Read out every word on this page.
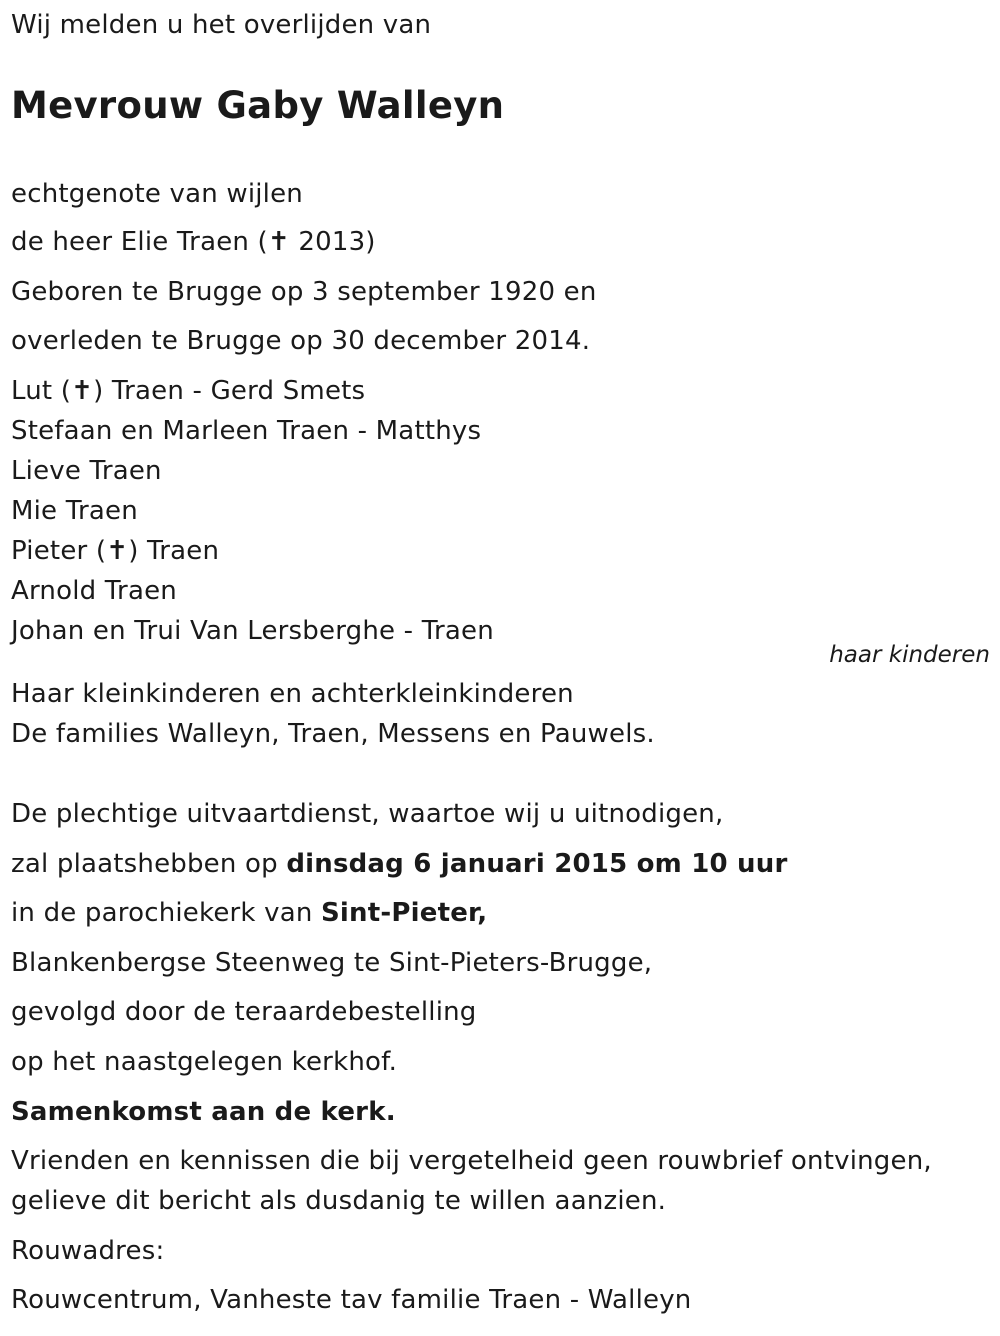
Wij melden u het overlijden van
Mevrouw Gaby Walleyn
echtgenote van wijlen
de heer Elie Traen (✝ 2013)
Geboren te Brugge op 3 september 1920 en
overleden te Brugge op 30 december 2014.
Lut (✝) Traen - Gerd Smets
Stefaan en Marleen Traen - Matthys
Lieve Traen
Mie Traen
Pieter (✝) Traen
Arnold Traen
Johan en Trui Van Lersberghe - Traen
haar kinderen
Haar kleinkinderen en achterkleinkinderen
De families Walleyn, Traen, Messens en Pauwels.
De plechtige uitvaartdienst, waartoe wij u uitnodigen,
zal plaatshebben op dinsdag 6 januari 2015 om 10 uur
in de parochiekerk van Sint-Pieter,
Blankenbergse Steenweg te Sint-Pieters-Brugge,
gevolgd door de teraardebestelling
op het naastgelegen kerkhof.
Samenkomst aan de kerk.
Vrienden en kennissen die bij vergetelheid geen rouwbrief ontvingen,
gelieve dit bericht als dusdanig te willen aanzien.
Rouwadres:
Rouwcentrum, Vanheste tav familie Traen - Walleyn
